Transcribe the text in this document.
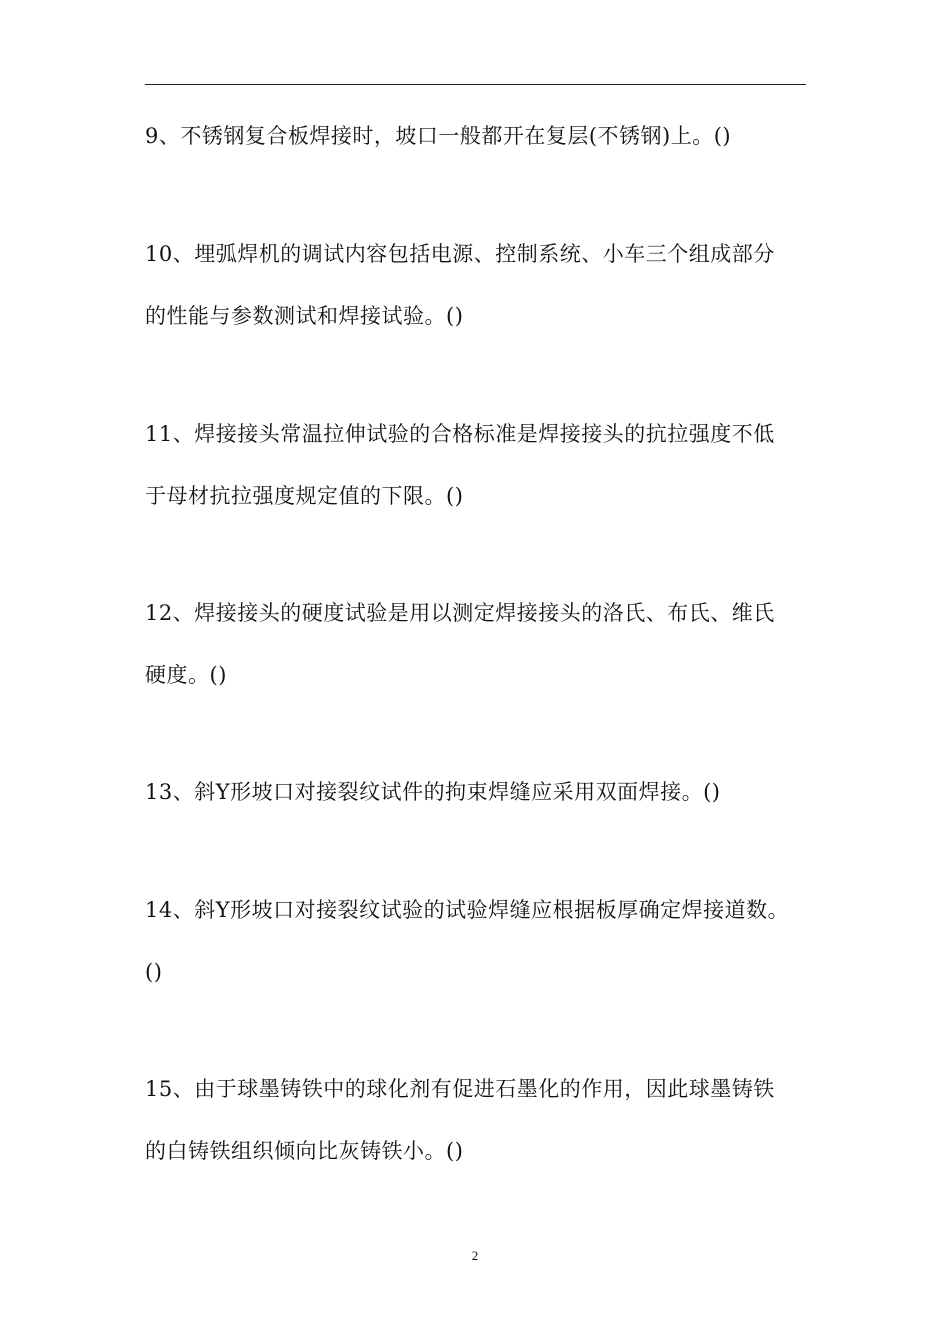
9、不锈钢复合板焊接时，坡口一般都开在复层(不锈钢)上。()
10、埋弧焊机的调试内容包括电源、控制系统、小车三个组成部分
的性能与参数测试和焊接试验。()
11、焊接接头常温拉伸试验的合格标准是焊接接头的抗拉强度不低
于母材抗拉强度规定值的下限。()
12、焊接接头的硬度试验是用以测定焊接接头的洛氏、布氏、维氏
硬度。()
13、斜Y形坡口对接裂纹试件的拘束焊缝应采用双面焊接。()
14、斜Y形坡口对接裂纹试验的试验焊缝应根据板厚确定焊接道数。
()
15、由于球墨铸铁中的球化剂有促进石墨化的作用，因此球墨铸铁
的白铸铁组织倾向比灰铸铁小。()
2
